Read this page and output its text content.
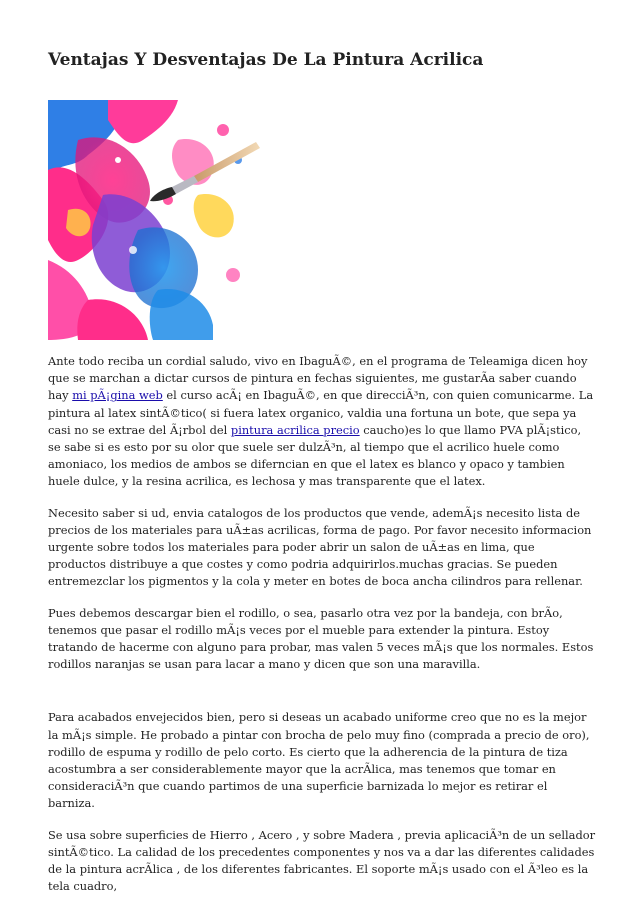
Ventajas Y Desventajas De La Pintura Acrilica

Ante todo reciba un cordial saludo, vivo en IbaguÃ©, en el programa de Teleamiga dicen hoy que se marchan a dictar cursos de pintura en fechas siguientes, me gustarÃa saber cuando hay mi pÃ¡gina web el curso acÃ¡ en IbaguÃ©, en que direcciÃ³n, con quien comunicarme. La pintura al latex sintÃ©tico( si fuera latex organico, valdia una fortuna un bote, que sepa ya casi no se extrae del Ã¡rbol del pintura acrilica precio caucho)es lo que llamo PVA plÃ¡stico, se sabe si es esto por su olor que suele ser dulzÃ³n, al tiempo que el acrilico huele como amoniaco, los medios de ambos se diferncian en que el latex es blanco y opaco y tambien huele dulce, y la resina acrilica, es lechosa y mas transparente que el latex.

Necesito saber si ud, envia catalogos de los productos que vende, ademÃ¡s necesito lista de precios de los materiales para uÃ±as acrilicas, forma de pago. Por favor necesito informacion urgente sobre todos los materiales para poder abrir un salon de uÃ±as en lima, que productos distribuye a que costes y como podria adquirirlos.muchas gracias. Se pueden entremezclar los pigmentos y la cola y meter en botes de boca ancha cilindros para rellenar.

Pues debemos descargar bien el rodillo, o sea, pasarlo otra vez por la bandeja, con brÃo, tenemos que pasar el rodillo mÃ¡s veces por el mueble para extender la pintura. Estoy tratando de hacerme con alguno para probar, mas valen 5 veces mÃ¡s que los normales. Estos rodillos naranjas se usan para lacar a mano y dicen que son una maravilla.

Para acabados envejecidos bien, pero si deseas un acabado uniforme creo que no es la mejor la mÃ¡s simple. He probado a pintar con brocha de pelo muy fino (comprada a precio de oro), rodillo de espuma y rodillo de pelo corto. Es cierto que la adherencia de la pintura de tiza acostumbra a ser considerablemente mayor que la acrÃlica, mas tenemos que tomar en consideraciÃ³n que cuando partimos de una superficie barnizada lo mejor es retirar el barniza.

Se usa sobre superficies de Hierro , Acero , y sobre Madera , previa aplicaciÃ³n de un sellador sintÃ©tico. La calidad de los precedentes componentes y nos va a dar las diferentes calidades de la pintura acrÃlica , de los diferentes fabricantes. El soporte mÃ¡s usado con el Ã³leo es la tela cuadro,
